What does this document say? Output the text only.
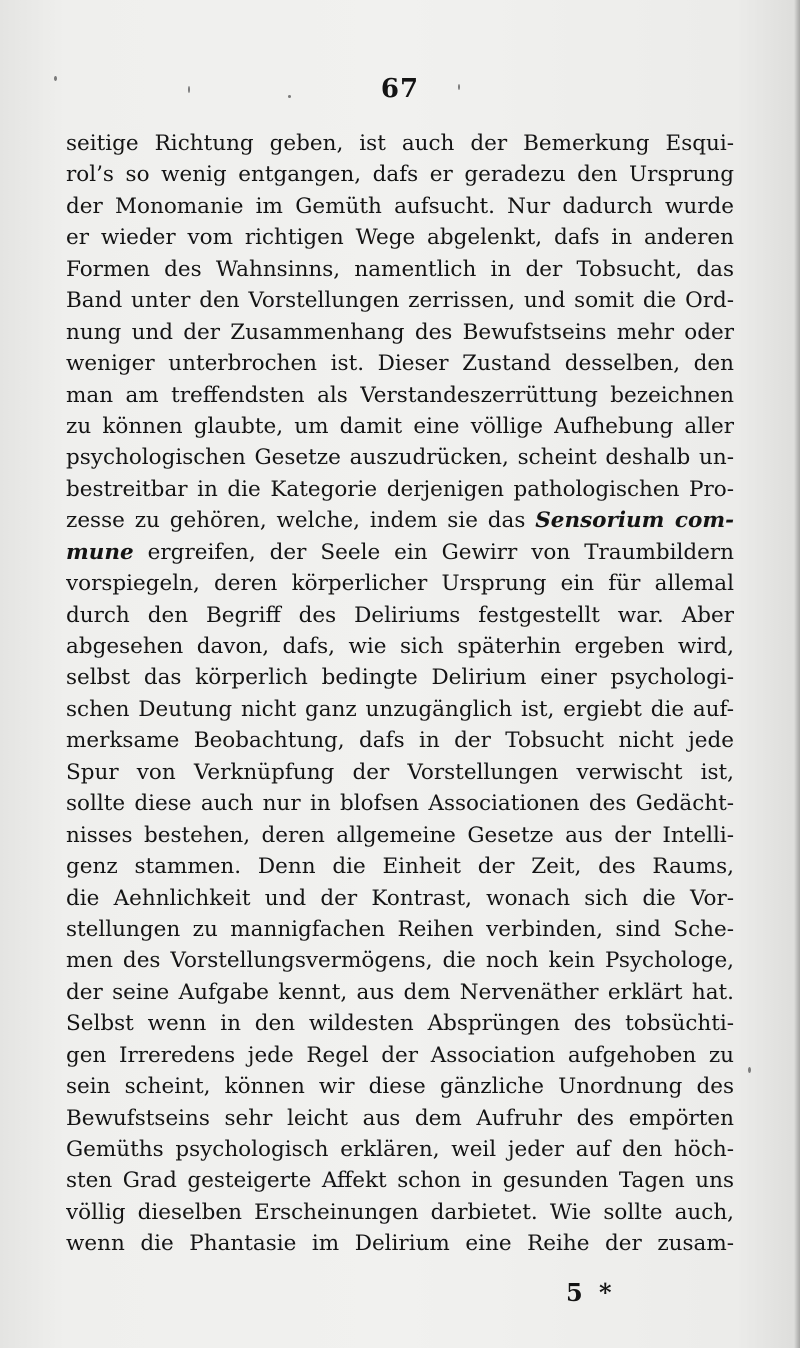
67
seitige Richtung geben, ist auch der Bemerkung Esqui-
rol’s so wenig entgangen, dafs er geradezu den Ursprung
der Monomanie im Gemüth aufsucht. Nur dadurch wurde
er wieder vom richtigen Wege abgelenkt, dafs in anderen
Formen des Wahnsinns, namentlich in der Tobsucht, das
Band unter den Vorstellungen zerrissen, und somit die Ord-
nung und der Zusammenhang des Bewufstseins mehr oder
weniger unterbrochen ist. Dieser Zustand desselben, den
man am treffendsten als Verstandeszerrüttung bezeichnen
zu können glaubte, um damit eine völlige Aufhebung aller
psychologischen Gesetze auszudrücken, scheint deshalb un-
bestreitbar in die Kategorie derjenigen pathologischen Pro-
zesse zu gehören, welche, indem sie das Sensorium com-
mune ergreifen, der Seele ein Gewirr von Traumbildern
vorspiegeln, deren körperlicher Ursprung ein für allemal
durch den Begriff des Deliriums festgestellt war. Aber
abgesehen davon, dafs, wie sich späterhin ergeben wird,
selbst das körperlich bedingte Delirium einer psychologi-
schen Deutung nicht ganz unzugänglich ist, ergiebt die auf-
merksame Beobachtung, dafs in der Tobsucht nicht jede
Spur von Verknüpfung der Vorstellungen verwischt ist,
sollte diese auch nur in blofsen Associationen des Gedächt-
nisses bestehen, deren allgemeine Gesetze aus der Intelli-
genz stammen. Denn die Einheit der Zeit, des Raums,
die Aehnlichkeit und der Kontrast, wonach sich die Vor-
stellungen zu mannigfachen Reihen verbinden, sind Sche-
men des Vorstellungsvermögens, die noch kein Psychologe,
der seine Aufgabe kennt, aus dem Nervenäther erklärt hat.
Selbst wenn in den wildesten Absprüngen des tobsüchti-
gen Irreredens jede Regel der Association aufgehoben zu
sein scheint, können wir diese gänzliche Unordnung des
Bewufstseins sehr leicht aus dem Aufruhr des empörten
Gemüths psychologisch erklären, weil jeder auf den höch-
sten Grad gesteigerte Affekt schon in gesunden Tagen uns
völlig dieselben Erscheinungen darbietet. Wie sollte auch,
wenn die Phantasie im Delirium eine Reihe der zusam-
5 *
